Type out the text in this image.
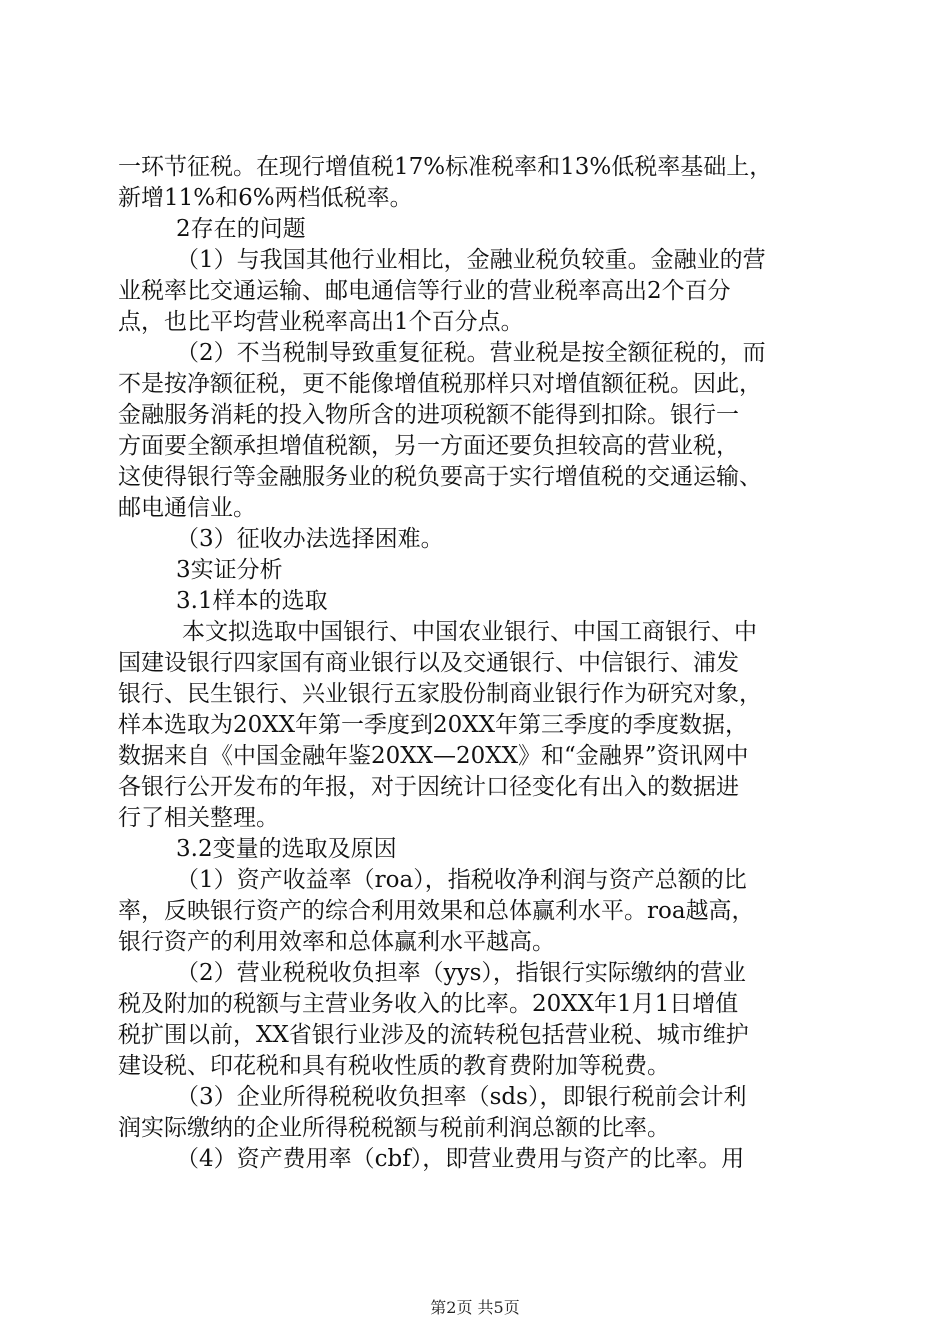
一环节征税。在现行增值税17%标准税率和13%低税率基础上，
新增11%和6%两档低税率。
2存在的问题
（1）与我国其他行业相比，金融业税负较重。金融业的营
业税率比交通运输、邮电通信等行业的营业税率高出2个百分
点，也比平均营业税率高出1个百分点。
（2）不当税制导致重复征税。营业税是按全额征税的，而
不是按净额征税，更不能像增值税那样只对增值额征税。因此，
金融服务消耗的投入物所含的进项税额不能得到扣除。银行一
方面要全额承担增值税额，另一方面还要负担较高的营业税，
这使得银行等金融服务业的税负要高于实行增值税的交通运输、
邮电通信业。
（3）征收办法选择困难。
3实证分析
3.1样本的选取
本文拟选取中国银行、中国农业银行、中国工商银行、中
国建设银行四家国有商业银行以及交通银行、中信银行、浦发
银行、民生银行、兴业银行五家股份制商业银行作为研究对象，
样本选取为20XX年第一季度到20XX年第三季度的季度数据，
数据来自《中国金融年鉴20XX—20XX》和“金融界”资讯网中
各银行公开发布的年报，对于因统计口径变化有出入的数据进
行了相关整理。
3.2变量的选取及原因
（1）资产收益率（roa），指税收净利润与资产总额的比
率，反映银行资产的综合利用效果和总体赢利水平。roa越高，
银行资产的利用效率和总体赢利水平越高。
（2）营业税税收负担率（yys），指银行实际缴纳的营业
税及附加的税额与主营业务收入的比率。20XX年1月1日增值
税扩围以前，XX省银行业涉及的流转税包括营业税、城市维护
建设税、印花税和具有税收性质的教育费附加等税费。
（3）企业所得税税收负担率（sds），即银行税前会计利
润实际缴纳的企业所得税税额与税前利润总额的比率。
（4）资产费用率（cbf），即营业费用与资产的比率。用
第2页 共5页
